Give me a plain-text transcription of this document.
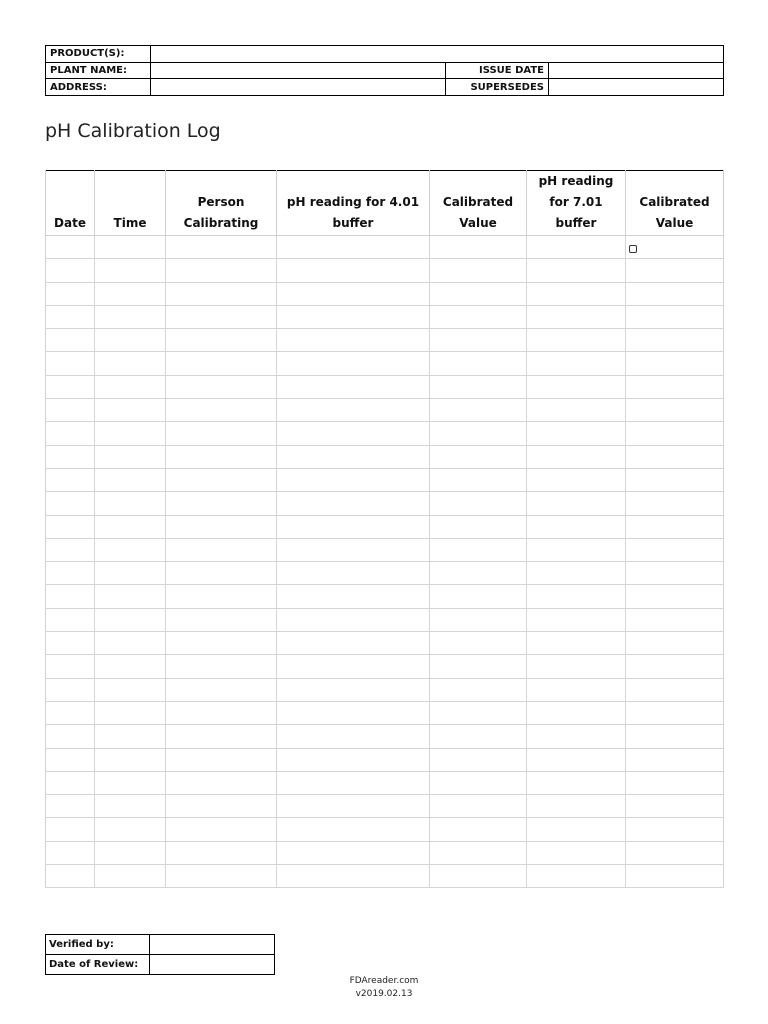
PRODUCT(S):			
PLANT NAME:		ISSUE DATE	
ADDRESS:		SUPERSEDES	
pH Calibration Log
Date	Time	Person Calibrating	pH reading for 4.01 buffer	Calibrated Value	pH reading for 7.01 buffer	Calibrated Value

Verified by:	
Date of Review:	
FDAreader.com
v2019.02.13
